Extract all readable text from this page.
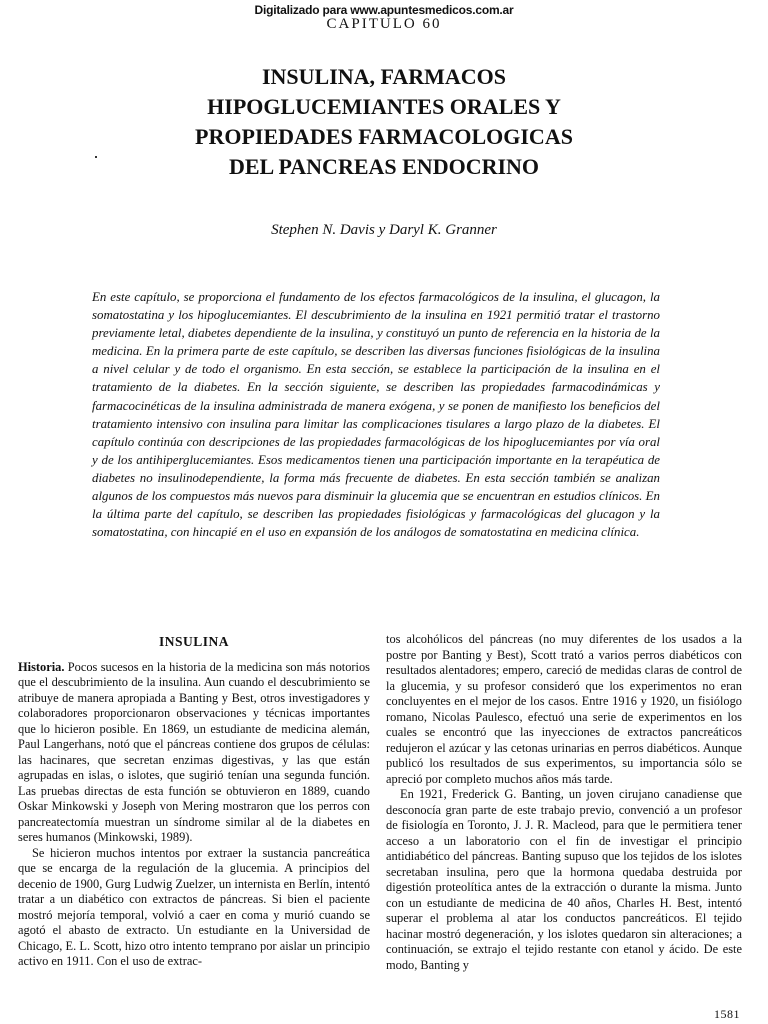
Digitalizado para www.apuntesmedicos.com.ar
CAPITULO 60
INSULINA, FARMACOS
HIPOGLUCEMIANTES ORALES Y
PROPIEDADES FARMACOLOGICAS
DEL PANCREAS ENDOCRINO
Stephen N. Davis y Daryl K. Granner
En este capítulo, se proporciona el fundamento de los efectos farmacológicos de la insulina, el glucagon, la somatostatina y los hipoglucemiantes. El descubrimiento de la insulina en 1921 permitió tratar el trastorno previamente letal, diabetes dependiente de la insulina, y constituyó un punto de referencia en la historia de la medicina. En la primera parte de este capítulo, se describen las diversas funciones fisiológicas de la insulina a nivel celular y de todo el organismo. En esta sección, se establece la participación de la insulina en el tratamiento de la diabetes. En la sección siguiente, se describen las propiedades farmacodinámicas y farmacocinéticas de la insulina administrada de manera exógena, y se ponen de manifiesto los beneficios del tratamiento intensivo con insulina para limitar las complicaciones tisulares a largo plazo de la diabetes. El capítulo continúa con descripciones de las propiedades farmacológicas de los hipoglucemiantes por vía oral y de los antihiperglucemiantes. Esos medicamentos tienen una participación importante en la terapéutica de diabetes no insulinodependiente, la forma más frecuente de diabetes. En esta sección también se analizan algunos de los compuestos más nuevos para disminuir la glucemia que se encuentran en estudios clínicos. En la última parte del capítulo, se describen las propiedades fisiológicas y farmacológicas del glucagon y la somatostatina, con hincapié en el uso en expansión de los análogos de somatostatina en medicina clínica.
INSULINA

Historia. Pocos sucesos en la historia de la medicina son más notorios que el descubrimiento de la insulina. Aun cuando el descubrimiento se atribuye de manera apropiada a Banting y Best, otros investigadores y colaboradores proporcionaron observaciones y técnicas importantes que lo hicieron posible. En 1869, un estudiante de medicina alemán, Paul Langerhans, notó que el páncreas contiene dos grupos de células: las hacinares, que secretan enzimas digestivas, y las que están agrupadas en islas, o islotes, que sugirió tenían una segunda función. Las pruebas directas de esta función se obtuvieron en 1889, cuando Oskar Minkowski y Joseph von Mering mostraron que los perros con pancreatectomía muestran un síndrome similar al de la diabetes en seres humanos (Minkowski, 1989).

Se hicieron muchos intentos por extraer la sustancia pancreática que se encarga de la regulación de la glucemia. A principios del decenio de 1900, Gurg Ludwig Zuelzer, un internista en Berlín, intentó tratar a un diabético con extractos de páncreas. Si bien el paciente mostró mejoría temporal, volvió a caer en coma y murió cuando se agotó el abasto de extracto. Un estudiante en la Universidad de Chicago, E. L. Scott, hizo otro intento temprano por aislar un principio activo en 1911. Con el uso de extrac-

tos alcohólicos del páncreas (no muy diferentes de los usados a la postre por Banting y Best), Scott trató a varios perros diabéticos con resultados alentadores; empero, careció de medidas claras de control de la glucemia, y su profesor consideró que los experimentos no eran concluyentes en el mejor de los casos. Entre 1916 y 1920, un fisiólogo romano, Nicolas Paulesco, efectuó una serie de experimentos en los cuales se encontró que las inyecciones de extractos pancreáticos redujeron el azúcar y las cetonas urinarias en perros diabéticos. Aunque publicó los resultados de sus experimentos, su importancia sólo se apreció por completo muchos años más tarde.

En 1921, Frederick G. Banting, un joven cirujano canadiense que desconocía gran parte de este trabajo previo, convenció a un profesor de fisiología en Toronto, J. J. R. Macleod, para que le permitiera tener acceso a un laboratorio con el fin de investigar el principio antidiabético del páncreas. Banting supuso que los tejidos de los islotes secretaban insulina, pero que la hormona quedaba destruida por digestión proteolítica antes de la extracción o durante la misma. Junto con un estudiante de medicina de 40 años, Charles H. Best, intentó superar el problema al atar los conductos pancreáticos. El tejido hacinar mostró degeneración, y los islotes quedaron sin alteraciones; a continuación, se extrajo el tejido restante con etanol y ácido. De este modo, Banting y

1581
